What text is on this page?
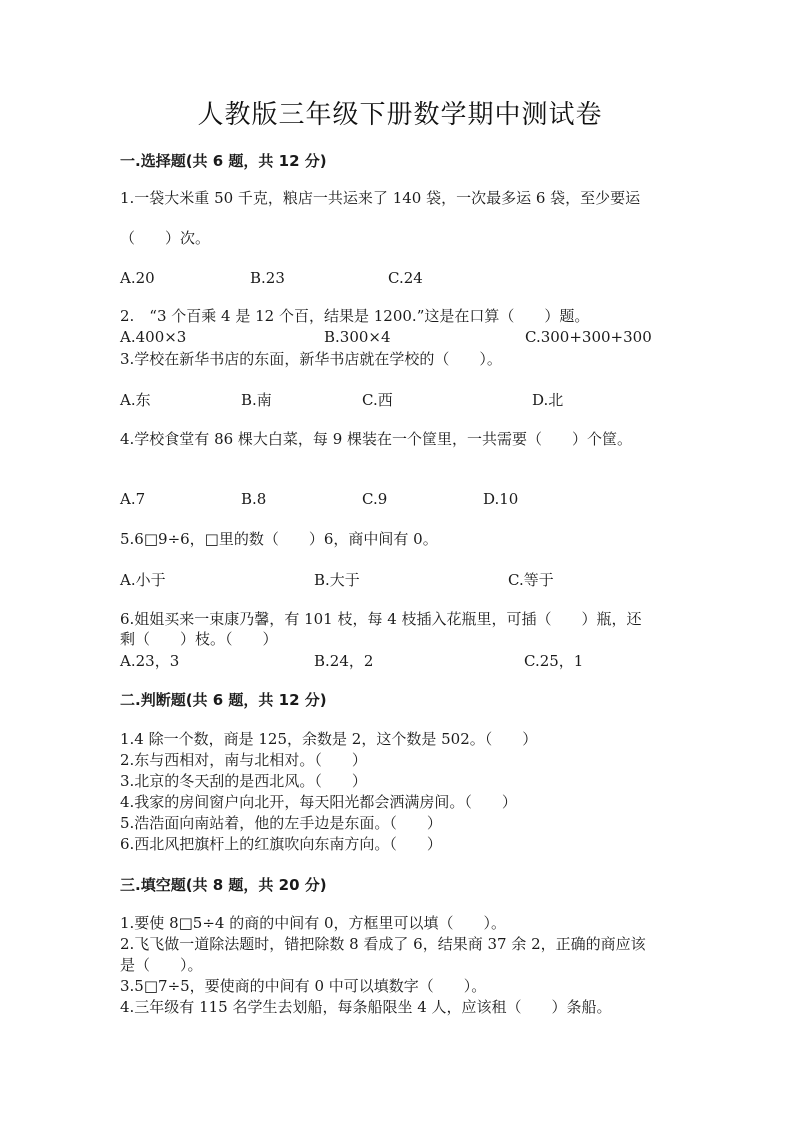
人教版三年级下册数学期中测试卷
一.选择题(共 6 题，共 12 分)
1.一袋大米重 50 千克，粮店一共运来了 140 袋，一次最多运 6 袋，至少要运
（　　）次。
A.20	B.23	C.24
2.　“3 个百乘 4 是 12 个百，结果是 1200.”这是在口算（　　）题。
A.400×3	B.300×4	C.300+300+300
3.学校在新华书店的东面，新华书店就在学校的（　　）。
A.东	B.南	C.西	D.北
4.学校食堂有 86 棵大白菜，每 9 棵装在一个筐里，一共需要（　　）个筐。
A.7	B.8	C.9	D.10
5.6□9÷6，□里的数（　　）6，商中间有 0。
A.小于	B.大于	C.等于
6.姐姐买来一束康乃馨，有 101 枝，每 4 枝插入花瓶里，可插（　　）瓶，还
剩（　　）枝。（　　）
A.23，3	B.24，2	C.25，1
二.判断题(共 6 题，共 12 分)
1.4 除一个数，商是 125，余数是 2，这个数是 502。（　　）
2.东与西相对，南与北相对。（　　）
3.北京的冬天刮的是西北风。（　　）
4.我家的房间窗户向北开，每天阳光都会洒满房间。（　　）
5.浩浩面向南站着，他的左手边是东面。（　　）
6.西北风把旗杆上的红旗吹向东南方向。（　　）
三.填空题(共 8 题，共 20 分)
1.要使 8□5÷4 的商的中间有 0，方框里可以填（　　）。
2.飞飞做一道除法题时，错把除数 8 看成了 6，结果商 37 余 2，正确的商应该
是（　　）。
3.5□7÷5，要使商的中间有 0 中可以填数字（　　）。
4.三年级有 115 名学生去划船，每条船限坐 4 人，应该租（　　）条船。
